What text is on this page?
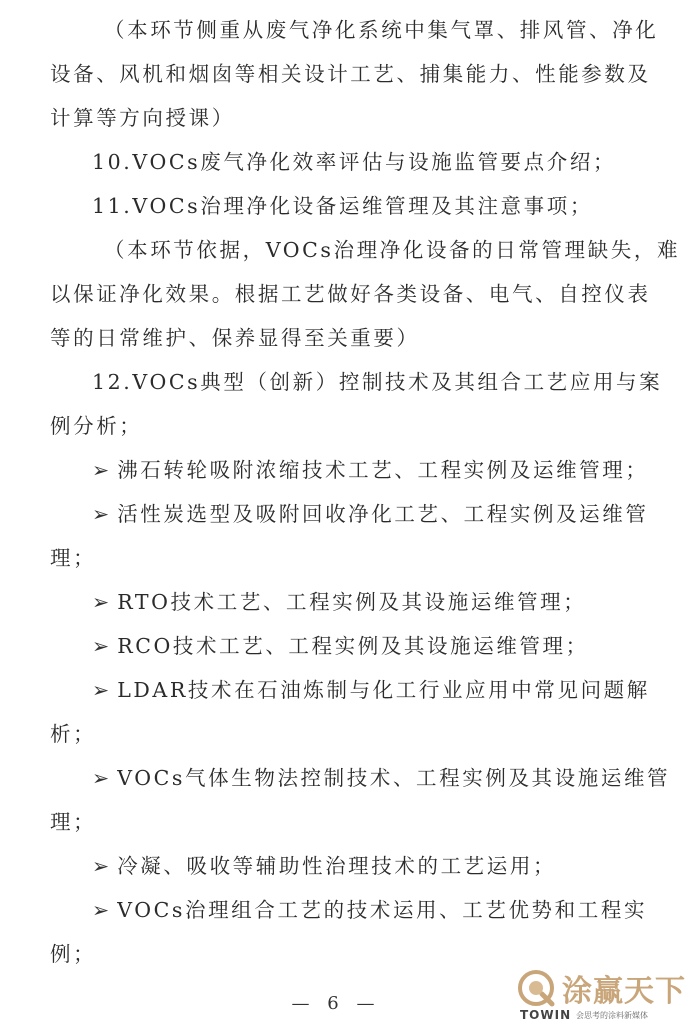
（本环节侧重从废气净化系统中集气罩、排风管、净化
设备、风机和烟囱等相关设计工艺、捕集能力、性能参数及
计算等方向授课）
10.VOCs废气净化效率评估与设施监管要点介绍；
11.VOCs治理净化设备运维管理及其注意事项；
（本环节依据，VOCs治理净化设备的日常管理缺失，难
以保证净化效果。根据工艺做好各类设备、电气、自控仪表
等的日常维护、保养显得至关重要）
12.VOCs典型（创新）控制技术及其组合工艺应用与案
例分析；
➢ 沸石转轮吸附浓缩技术工艺、工程实例及运维管理；
➢ 活性炭选型及吸附回收净化工艺、工程实例及运维管
理；
➢ RTO技术工艺、工程实例及其设施运维管理；
➢ RCO技术工艺、工程实例及其设施运维管理；
➢ LDAR技术在石油炼制与化工行业应用中常见问题解
析；
➢ VOCs气体生物法控制技术、工程实例及其设施运维管
理；
➢ 冷凝、吸收等辅助性治理技术的工艺运用；
➢ VOCs治理组合工艺的技术运用、工艺优势和工程实
例；
— 6 —	涂赢天下
TOWIN 会思考的涂料新媒体
